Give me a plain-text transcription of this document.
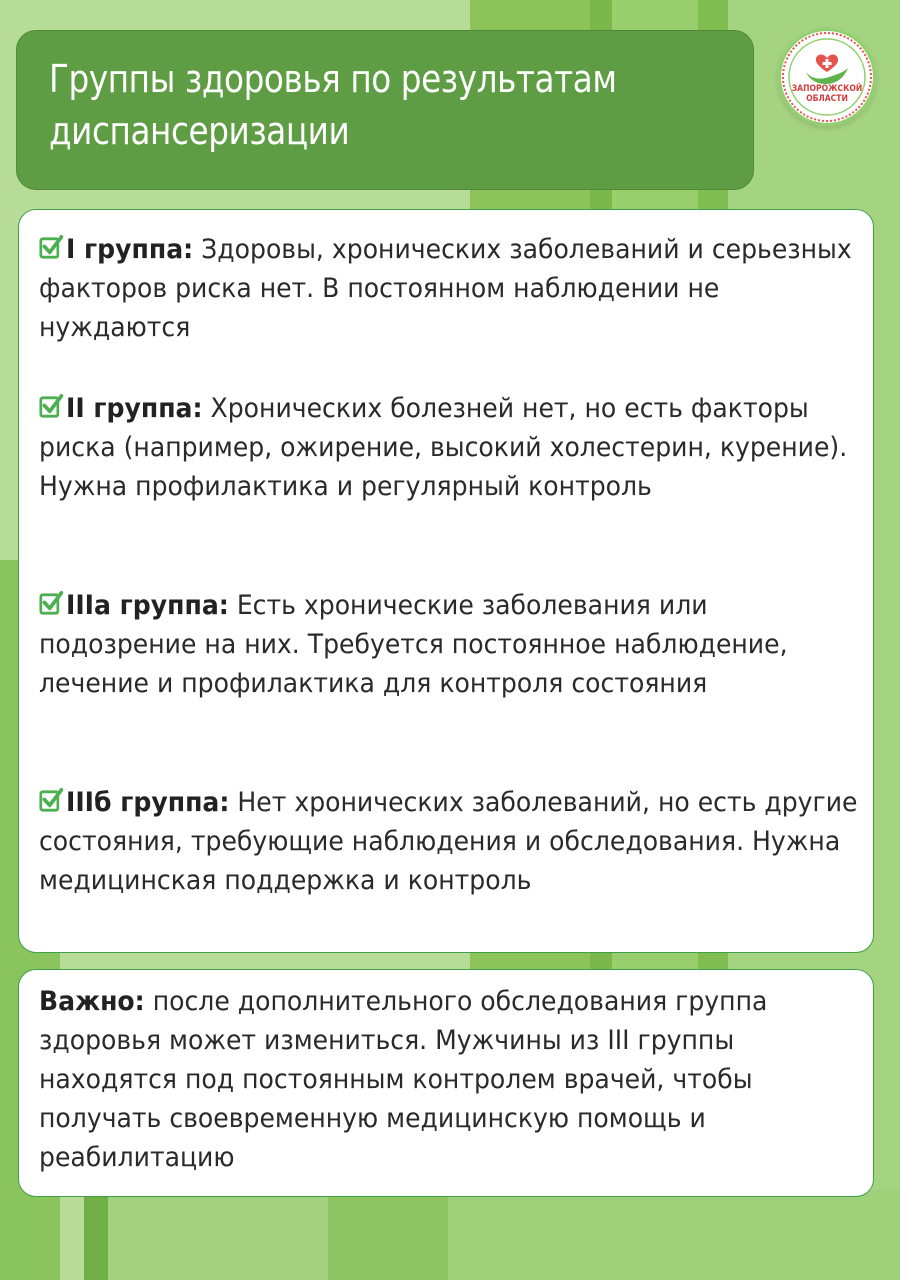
Группы здоровья по результатам
диспансеризации
ЗАПОРОЖСКОЙ
ОБЛАСТИ
I группа: Здоровы, хронических заболеваний и серьезных факторов риска нет. В постоянном наблюдении не нуждаются
II группа: Хронических болезней нет, но есть факторы риска (например, ожирение, высокий холестерин, курение). Нужна профилактика и регулярный контроль
IIIа группа: Есть хронические заболевания или подозрение на них. Требуется постоянное наблюдение, лечение и профилактика для контроля состояния
IIIб группа: Нет хронических заболеваний, но есть другие состояния, требующие наблюдения и обследования. Нужна медицинская поддержка и контроль
Важно: после дополнительного обследования группа здоровья может измениться. Мужчины из III группы находятся под постоянным контролем врачей, чтобы получать своевременную медицинскую помощь и реабилитацию
